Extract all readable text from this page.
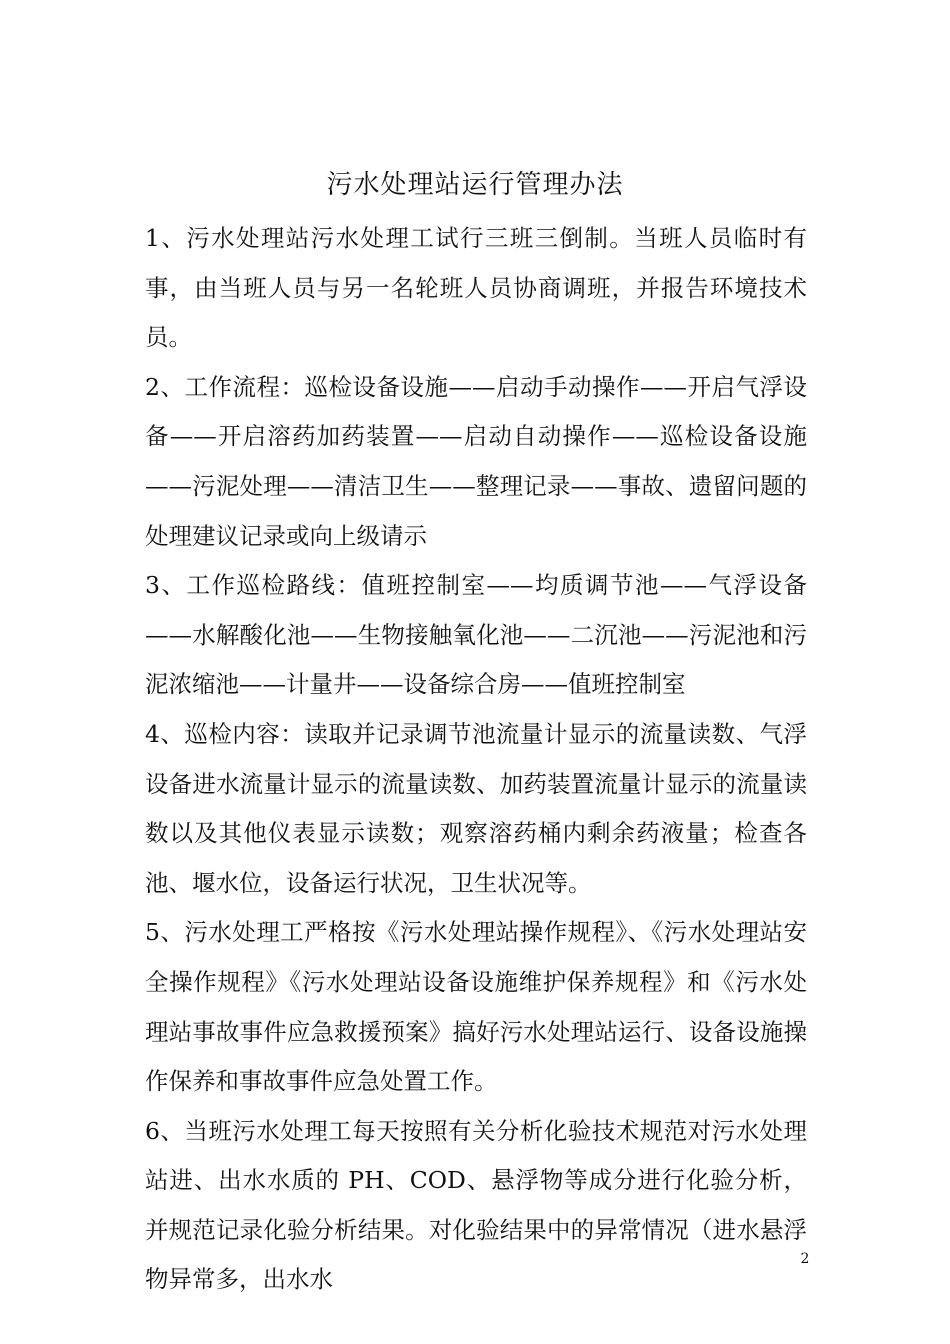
污水处理站运行管理办法

1、污水处理站污水处理工试行三班三倒制。当班人员临时有事，由当班人员与另一名轮班人员协商调班，并报告环境技术员。

2、工作流程：巡检设备设施——启动手动操作——开启气浮设备——开启溶药加药装置——启动自动操作——巡检设备设施——污泥处理——清洁卫生——整理记录——事故、遗留问题的处理建议记录或向上级请示

3、工作巡检路线：值班控制室——均质调节池——气浮设备——水解酸化池——生物接触氧化池——二沉池——污泥池和污泥浓缩池——计量井——设备综合房——值班控制室

4、巡检内容：读取并记录调节池流量计显示的流量读数、气浮设备进水流量计显示的流量读数、加药装置流量计显示的流量读数以及其他仪表显示读数；观察溶药桶内剩余药液量；检查各池、堰水位，设备运行状况，卫生状况等。

5、污水处理工严格按《污水处理站操作规程》、《污水处理站安全操作规程》《污水处理站设备设施维护保养规程》和《污水处理站事故事件应急救援预案》搞好污水处理站运行、设备设施操作保养和事故事件应急处置工作。

6、当班污水处理工每天按照有关分析化验技术规范对污水处理站进、出水水质的 PH、COD、悬浮物等成分进行化验分析，并规范记录化验分析结果。对化验结果中的异常情况（进水悬浮物异常多，出水水

2
